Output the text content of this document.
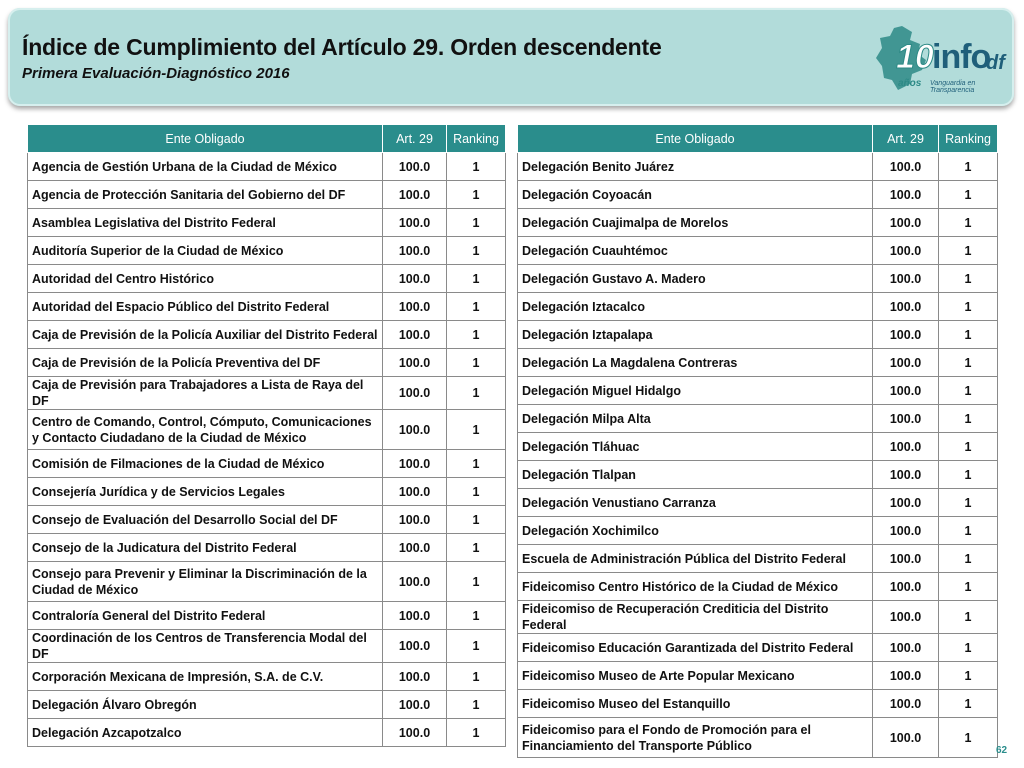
Índice de Cumplimiento del Artículo 29. Orden descendente
Primera Evaluación-Diagnóstico 2016	10
info
df
años Vanguardia en Transparencia
Ente Obligado	Art. 29	Ranking
Agencia de Gestión Urbana de la Ciudad de México	100.0	1
Agencia de Protección Sanitaria del Gobierno del DF	100.0	1
Asamblea Legislativa del Distrito Federal	100.0	1
Auditoría Superior de la Ciudad de México	100.0	1
Autoridad del Centro Histórico	100.0	1
Autoridad del Espacio Público del Distrito Federal	100.0	1
Caja de Previsión de la Policía Auxiliar del Distrito Federal	100.0	1
Caja de Previsión de la Policía Preventiva del DF	100.0	1
Caja de Previsión para Trabajadores a Lista de Raya del DF	100.0	1
Centro de Comando, Control, Cómputo, Comunicaciones y Contacto Ciudadano de la Ciudad de México	100.0	1
Comisión de Filmaciones de la Ciudad de México	100.0	1
Consejería Jurídica y de Servicios Legales	100.0	1
Consejo de Evaluación del Desarrollo Social del DF	100.0	1
Consejo de la Judicatura del Distrito Federal	100.0	1
Consejo para Prevenir y Eliminar la Discriminación de la Ciudad de México	100.0	1
Contraloría General del Distrito Federal	100.0	1
Coordinación de los Centros de Transferencia Modal del DF	100.0	1
Corporación Mexicana de Impresión, S.A. de C.V.	100.0	1
Delegación Álvaro Obregón	100.0	1
Delegación Azcapotzalco	100.0	1
Ente Obligado	Art. 29	Ranking
Delegación Benito Juárez	100.0	1
Delegación Coyoacán	100.0	1
Delegación Cuajimalpa de Morelos	100.0	1
Delegación Cuauhtémoc	100.0	1
Delegación Gustavo A. Madero	100.0	1
Delegación Iztacalco	100.0	1
Delegación Iztapalapa	100.0	1
Delegación La Magdalena Contreras	100.0	1
Delegación Miguel Hidalgo	100.0	1
Delegación Milpa Alta	100.0	1
Delegación Tláhuac	100.0	1
Delegación Tlalpan	100.0	1
Delegación Venustiano Carranza	100.0	1
Delegación Xochimilco	100.0	1
Escuela de Administración Pública del Distrito Federal	100.0	1
Fideicomiso Centro Histórico de la Ciudad de México	100.0	1
Fideicomiso de Recuperación Crediticia del Distrito Federal	100.0	1
Fideicomiso Educación Garantizada del Distrito Federal	100.0	1
Fideicomiso Museo de Arte Popular Mexicano	100.0	1
Fideicomiso Museo del Estanquillo	100.0	1
Fideicomiso para el Fondo de Promoción para el Financiamiento del Transporte Público	100.0	1
62
